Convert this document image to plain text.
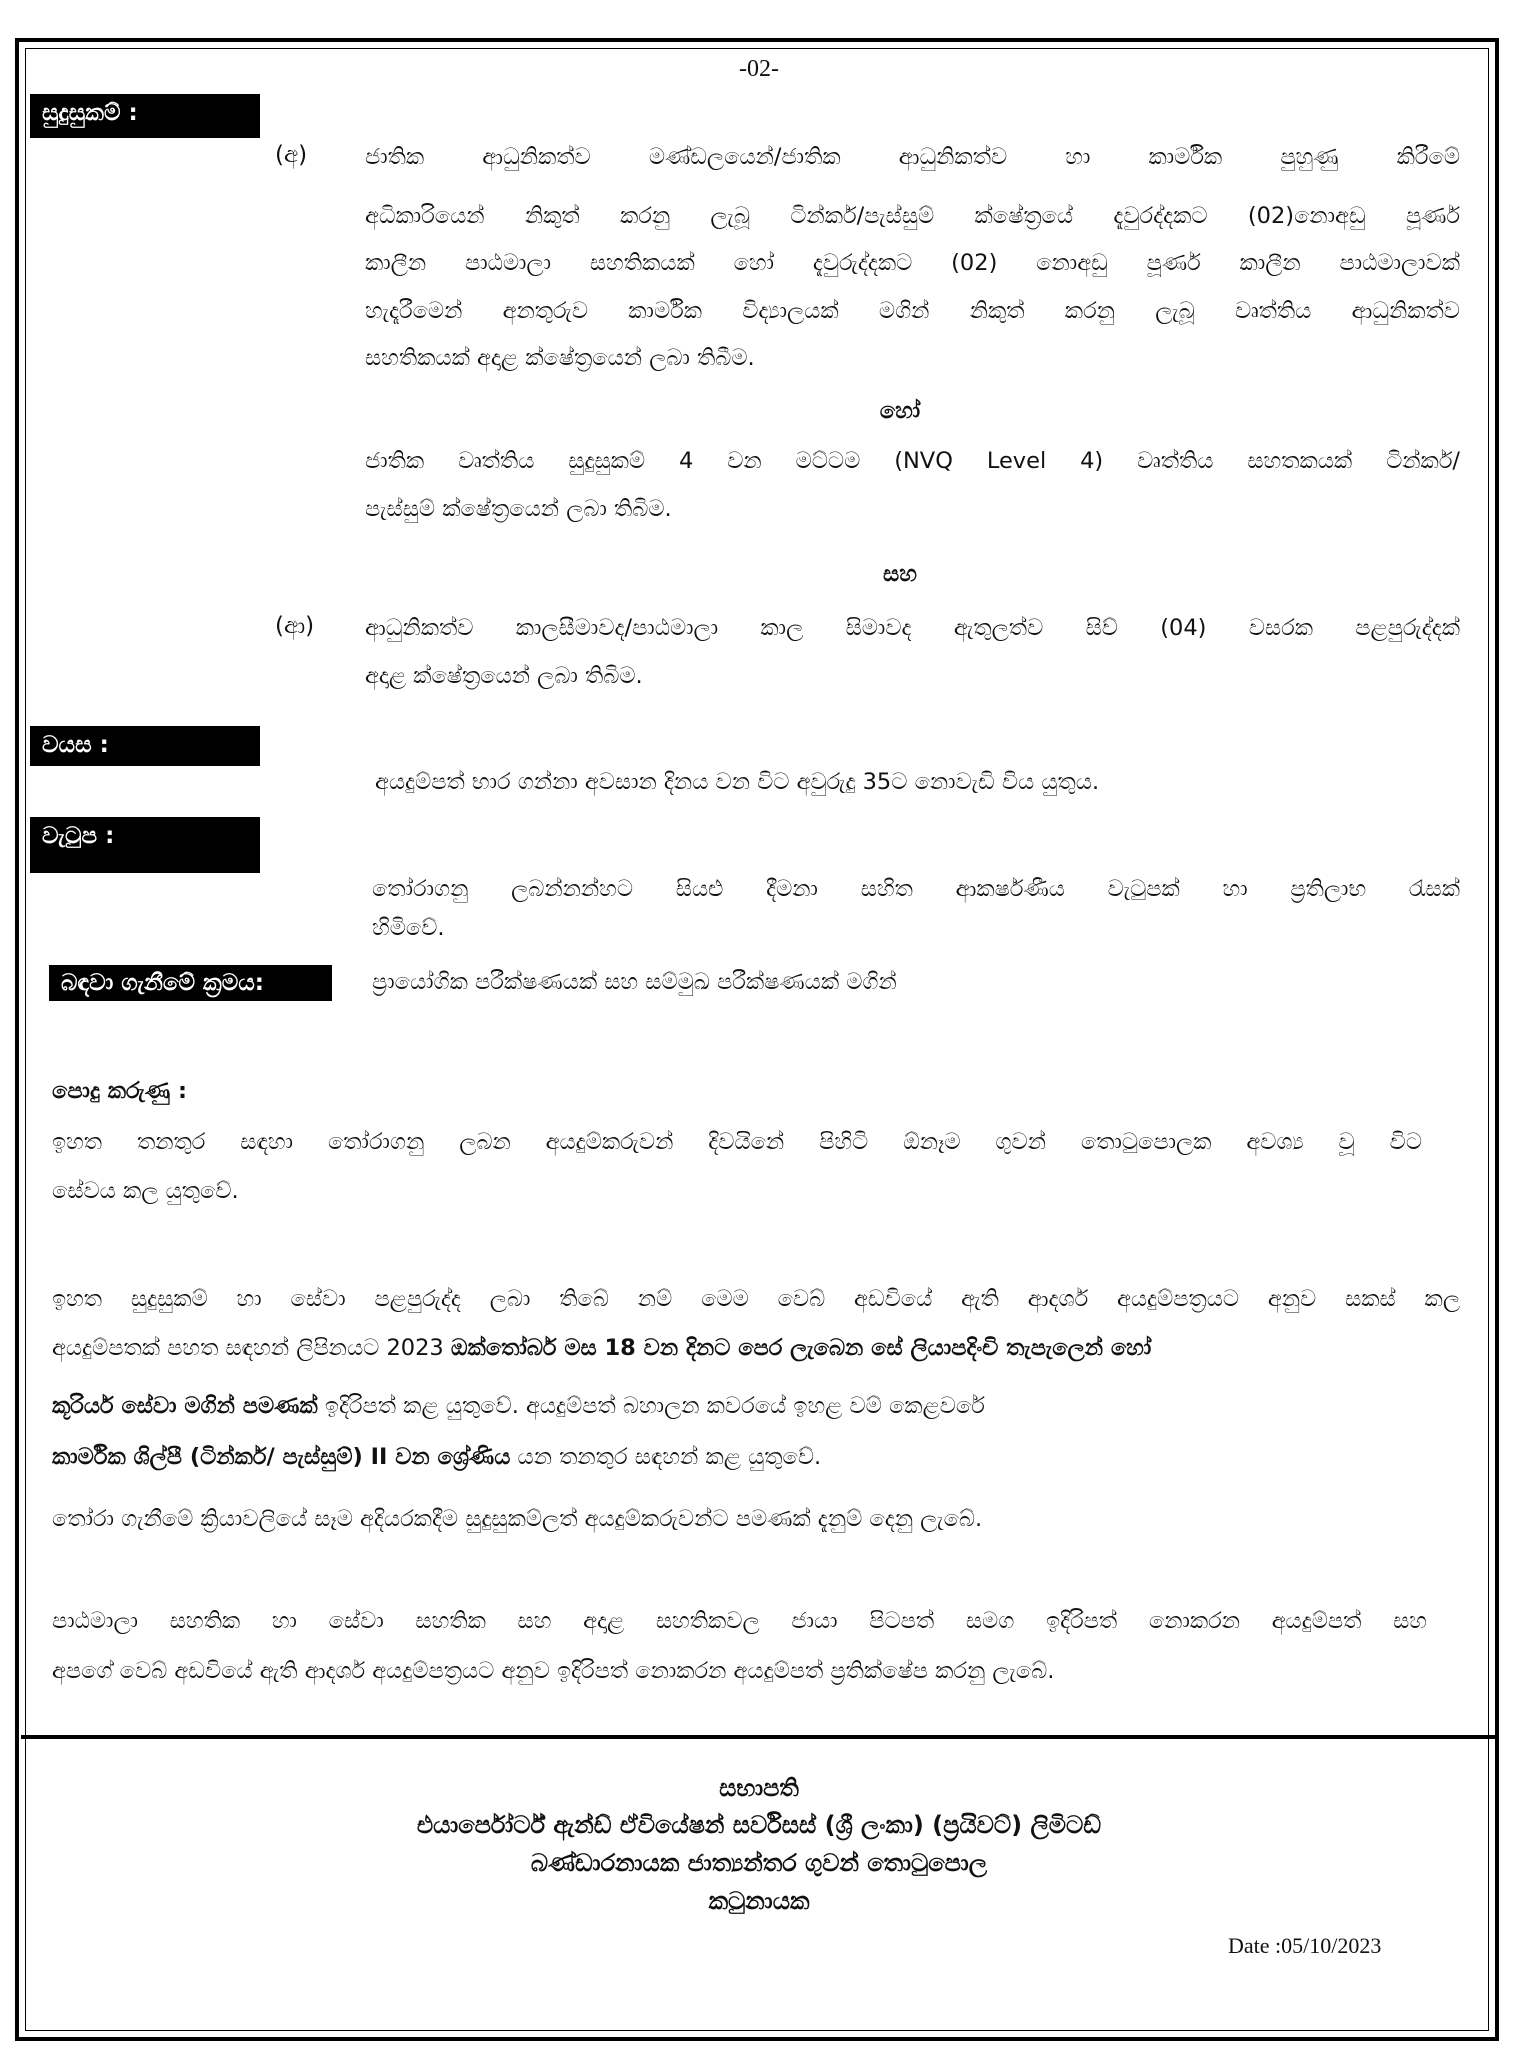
-02-
සුදුසුකම් :
(අ)	ජාතික ආධුනිකත්ව මණ්ඩලයෙන්/ජාතික ආධුනිකත්ව හා කාර්මික පුහුණු කිරීමේ
අධිකාරියෙන් නිකුත් කරනු ලැබූ ටින්කර්/පැස්සුම් ක්ෂේත්‍රයේ දැවුරද්දකට (02)නොඅඩු පූර්ණ
කාලීන පාඨමාලා සහතිකයක් හෝ දැවුරුද්දකට (02) නොඅඩු පූර්ණ කාලීන පාඨමාලාවක්
හැදෑරීමෙන් අනතුරුව කාර්මික විද්‍යාලයක් මගින් නිකුත් කරනු ලැබූ වෘත්තිය ආධුනිකත්ව
සහතිකයක් අදාළ ක්ෂේත්‍රයෙන් ලබා තිබීම.
හෝ
ජාතික වෘත්තිය සුදුසුකම් 4 වන මට්ටම (NVQ Level 4) වෘත්තිය සහතකයක් ටින්කර්/
පැස්සුම් ක්ෂේත්‍රයෙන් ලබා තිබිම.
සහ
(ආ) ආධුනිකත්ව කාලසීමාවද/පාඨමාලා කාල සිමාවද ඇතුලත්ව සිව් (04) වසරක පළපුරුද්දක්
අදාළ ක්ෂේත්‍රයෙන් ලබා තිබිම.
වයස :
අයදුම්පත් භාර ගන්නා අවසාන දිනය වන විට අවුරුදු 35ට නොවැඩි විය යුතුය.
වැටුප :
තෝරාගනු ලබන්නන්හට සියළු දීමනා සහිත ආකර්ෂණීය වැටුපක් හා ප්‍රතිලාභ රැසක්
හිමිවේ.
බඳවා ගැනීමේ ක්‍රමය:	ප්‍රායෝගික පරීක්ෂණයක් සහ සම්මුඛ පරීක්ෂණයක් මගින්
පොදු කරුණු :
ඉහත තනතුර සඳහා තෝරාගනු ලබන අයදුම්කරුවන් දිවයිනේ පිහිටි ඕනෑම ගුවන් තොටුපොලක අවශ්‍ය වූ විට
සේවය කල යුතුවේ.
ඉහත සුදුසුකම් හා සේවා පළපුරුද්ද ලබා තිබේ නම් මෙම වෙබ් අඩවියේ ඇති ආදර්ශ අයදුම්පත්‍රයට අනුව සකස් කල
අයදුම්පතක් පහත සඳහන් ලිපිනයට 2023 ඔක්තෝබර් මස 18 වන දිනට පෙර ලැබෙන සේ ලියාපදිංචි තැපැලෙන් හෝ
කූරියර් සේවා මගින් පමණක් ඉදිරිපත් කළ යුතුවේ. අයදුම්පත් බහාලන කවරයේ ඉහළ වම් කෙළවරේ
කාර්මික ශිල්පී (ටින්කර්/ පැස්සුම්) II වන ශ්‍රේණිය යන තනතුර සඳහන් කළ යුතුවේ.
තෝරා ගැනීමේ ක්‍රියාවලියේ සෑම අදියරකදීම සුදුසුකම්ලත් අයදුම්කරුවන්ට පමණක් දැනුම් දෙනු ලැබේ.
පාඨමාලා සහතික හා සේවා සහතික සහ අදාළ සහතිකවල ජායා පිටපත් සමග ඉදිරිපත් නොකරන අයදුම්පත් සහ
අපගේ වෙබ් අඩවියේ ඇති ආදර්ශ අයදුම්පත්‍රයට අනුව ඉදිරිපත් නොකරන අයදුම්පත් ප්‍රතික්ෂේප කරනු ලැබේ.
සභාපති
එයාර්පෝර්ට් ඇන්ඩ් ඒවියේෂන් සර්විසස් (ශ්‍රී ලංකා) (ප්‍රයිවට්) ලිමිටඩ්
බණ්ඩාරනායක ජාත්‍යන්තර ගුවන් තොටුපොල
කටුනායක
Date :05/10/2023
